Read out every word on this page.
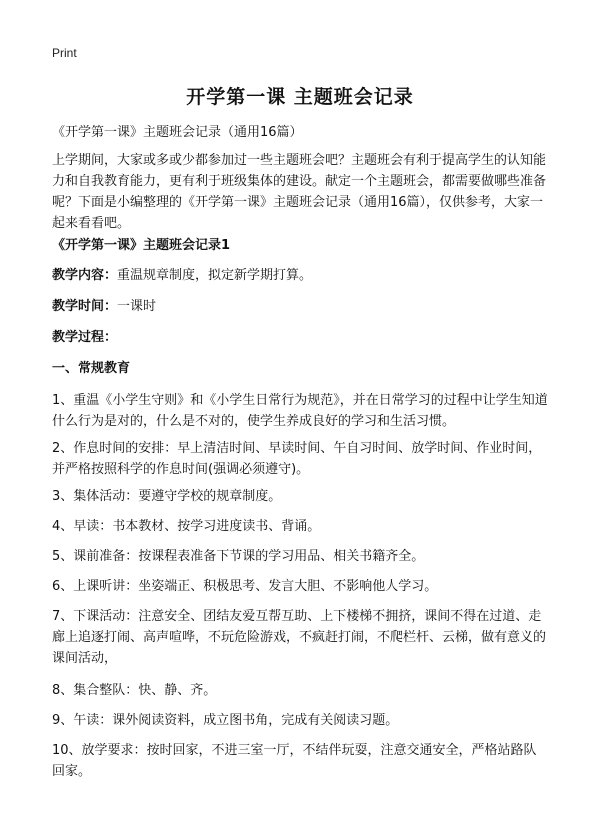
Print
开学第一课 主题班会记录

《开学第一课》主题班会记录（通用16篇）

上学期间，大家或多或少都参加过一些主题班会吧？主题班会有利于提高学生的认知能力和自我教育能力，更有利于班级集体的建设。献定一个主题班会，都需要做哪些准备呢？下面是小编整理的《开学第一课》主题班会记录（通用16篇），仅供参考，大家一起来看看吧。

《开学第一课》主题班会记录1

教学内容：重温规章制度，拟定新学期打算。

教学时间：一课时

教学过程：

一、常规教育

1、重温《小学生守则》和《小学生日常行为规范》，并在日常学习的过程中让学生知道什么行为是对的，什么是不对的，使学生养成良好的学习和生活习惯。

2、作息时间的安排：早上清洁时间、早读时间、午自习时间、放学时间、作业时间，并严格按照科学的作息时间(强调必须遵守)。

3、集体活动：要遵守学校的规章制度。

4、早读：书本教材、按学习进度读书、背诵。

5、课前准备：按课程表准备下节课的学习用品、相关书籍齐全。

6、上课听讲：坐姿端正、积极思考、发言大胆、不影响他人学习。

7、下课活动：注意安全、团结友爱互帮互助、上下楼梯不拥挤，课间不得在过道、走廊上追逐打闹、高声喧哗，不玩危险游戏，不疯赶打闹，不爬栏杆、云梯，做有意义的课间活动，

8、集合整队：快、静、齐。

9、午读：课外阅读资料，成立图书角，完成有关阅读习题。

10、放学要求：按时回家，不进三室一厅，不结伴玩耍，注意交通安全，严格站路队回家。
